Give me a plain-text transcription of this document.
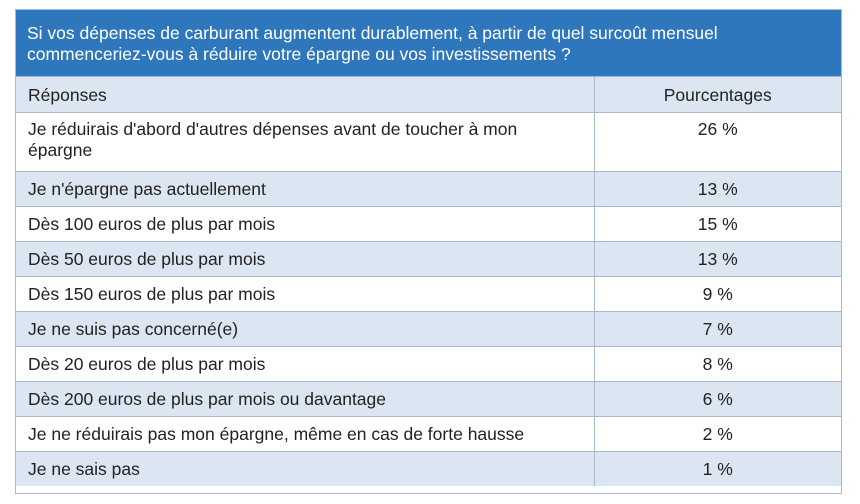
Si vos dépenses de carburant augmentent durablement, à partir de quel surcoût mensuel commenceriez-vous à réduire votre épargne ou vos investissements ?
Réponses	Pourcentages
Je réduirais d'abord d'autres dépenses avant de toucher à mon épargne	26 %
Je n'épargne pas actuellement	13 %
Dès 100 euros de plus par mois	15 %
Dès 50 euros de plus par mois	13 %
Dès 150 euros de plus par mois	9 %
Je ne suis pas concerné(e)	7 %
Dès 20 euros de plus par mois	8 %
Dès 200 euros de plus par mois ou davantage	6 %
Je ne réduirais pas mon épargne, même en cas de forte hausse	2 %
Je ne sais pas	1 %
